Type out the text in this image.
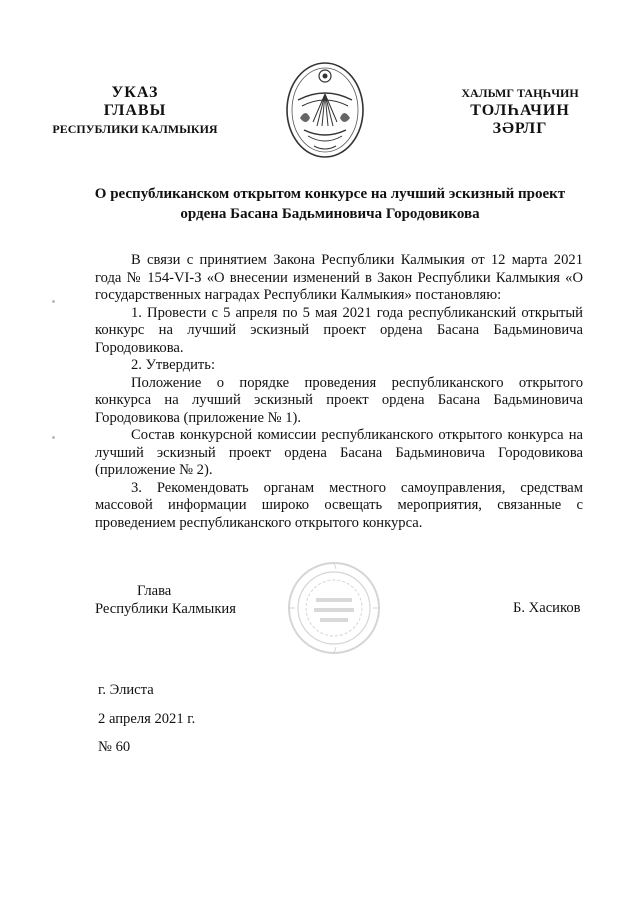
УКАЗ
ГЛАВЫ
РЕСПУБЛИКИ КАЛМЫКИЯ
ХАЛЬМГ ТАҢҺЧИН
ТОЛҺАЧИН
ЗӘРЛГ
О республиканском открытом конкурсе на лучший эскизный проект
ордена Басана Бадьминовича Городовикова

В связи с принятием Закона Республики Калмыкия от 12 марта 2021 года № 154-VI-З «О внесении изменений в Закон Республики Калмыкия «О государственных наградах Республики Калмыкия» постановляю:

1. Провести с 5 апреля по 5 мая 2021 года республиканский открытый конкурс на лучший эскизный проект ордена Басана Бадьминовича Городовикова.

2. Утвердить:

Положение о порядке проведения республиканского открытого конкурса на лучший эскизный проект ордена Басана Бадьминовича Городовикова (приложение № 1).

Состав конкурсной комиссии республиканского открытого конкурса на лучший эскизный проект ордена Басана Бадьминовича Городовикова (приложение № 2).

3. Рекомендовать органам местного самоуправления, средствам массовой информации широко освещать мероприятия, связанные с проведением республиканского открытого конкурса.

Глава
Республики Калмыкия	Б. Хасиков
г. Элиста
2 апреля 2021 г.
№ 60
